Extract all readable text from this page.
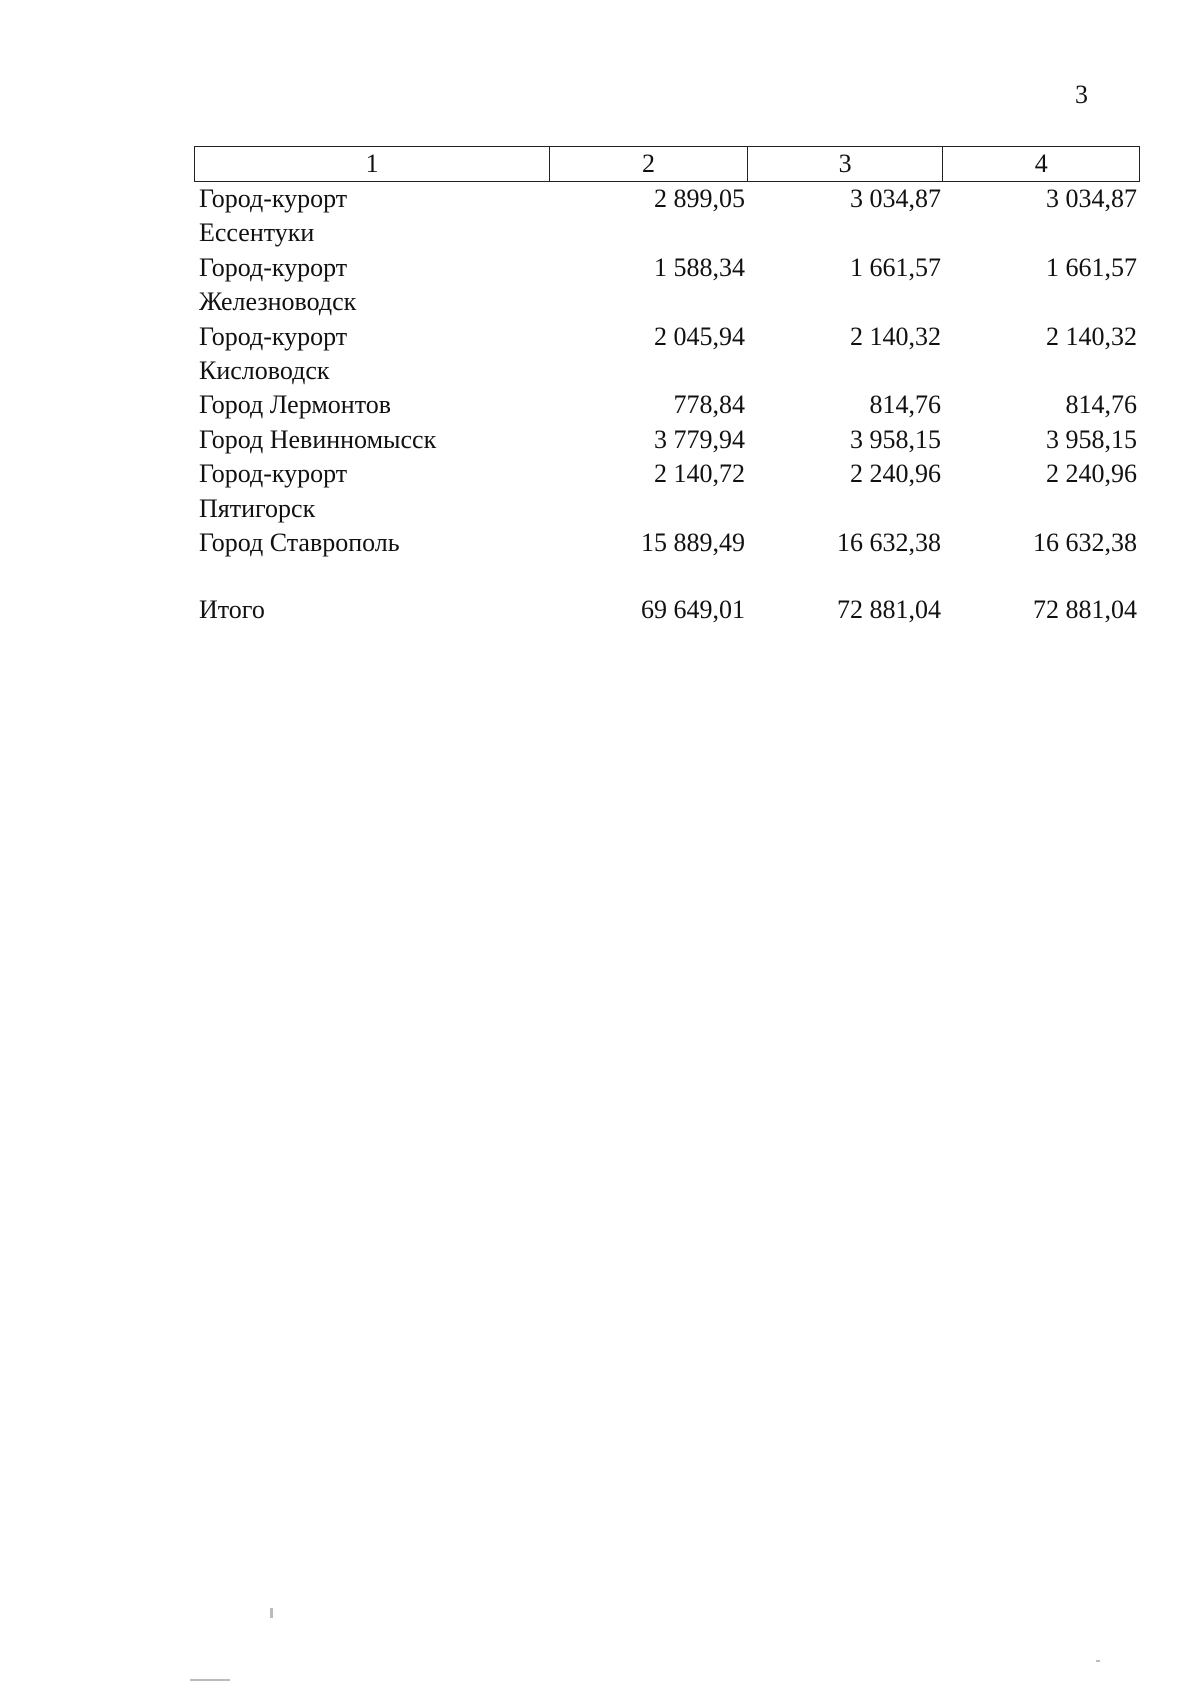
3
1	2	3	4
Город-курорт
Ессентуки
2 899,05	3 034,87	3 034,87
Город-курорт
Железноводск
1 588,34	1 661,57	1 661,57
Город-курорт
Кисловодск
2 045,94	2 140,32	2 140,32
Город Лермонтов	778,84	814,76	814,76
Город Невинномысск	3 779,94	3 958,15	3 958,15
Город-курорт
Пятигорск
2 140,72	2 240,96	2 240,96
Город Ставрополь	15 889,49	16 632,38	16 632,38
Итого	69 649,01	72 881,04	72 881,04
